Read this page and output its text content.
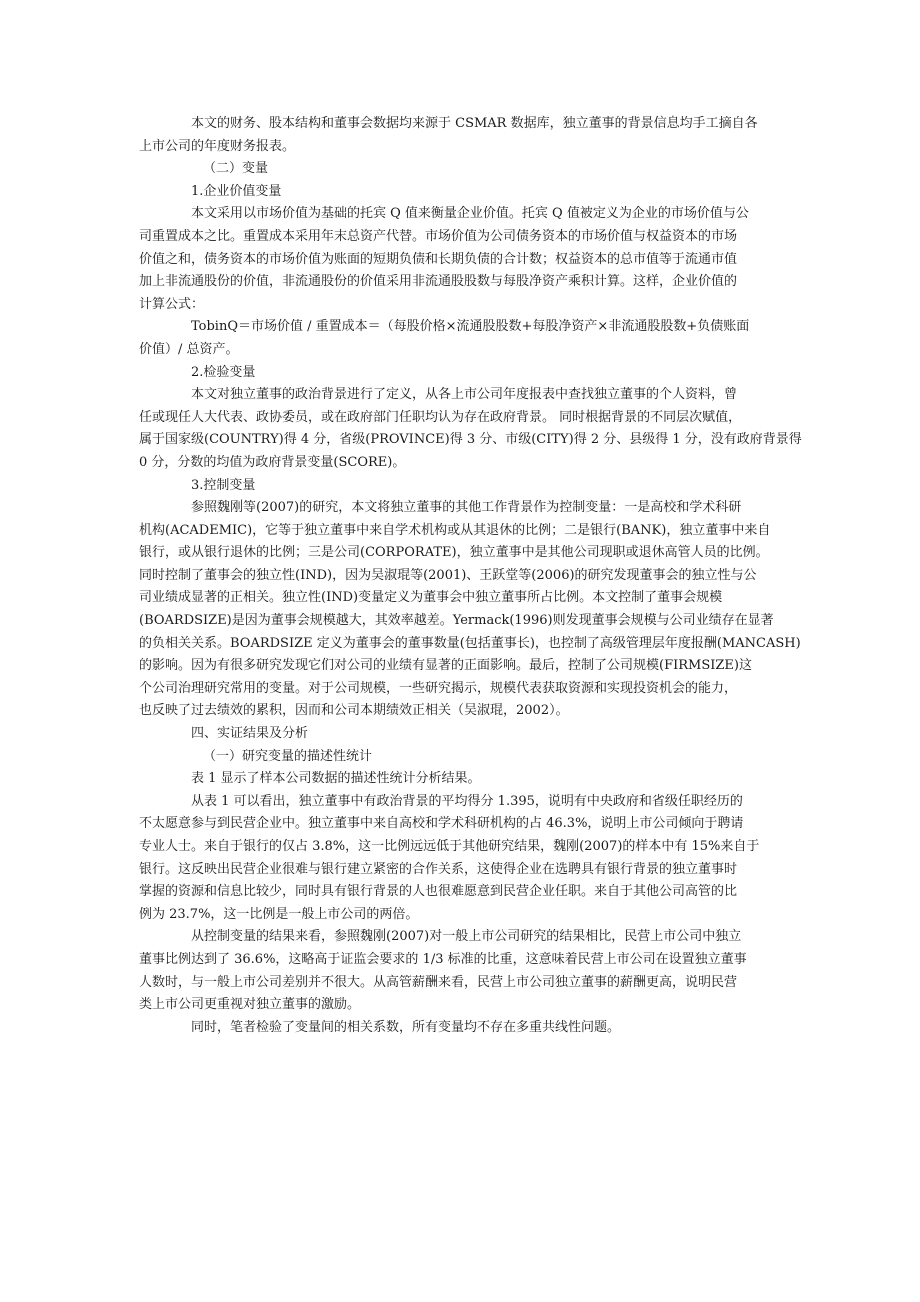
本文的财务、股本结构和董事会数据均来源于 CSMAR 数据库，独立董事的背景信息均手工摘自各
上市公司的年度财务报表。
（二）变量
1.企业价值变量
本文采用以市场价值为基础的托宾 Q 值来衡量企业价值。托宾 Q 值被定义为企业的市场价值与公
司重置成本之比。重置成本采用年末总资产代替。市场价值为公司债务资本的市场价值与权益资本的市场
价值之和，债务资本的市场价值为账面的短期负债和长期负债的合计数；权益资本的总市值等于流通市值
加上非流通股份的价值，非流通股份的价值采用非流通股股数与每股净资产乘积计算。这样，企业价值的
计算公式：
TobinQ＝市场价值 / 重置成本＝（每股价格×流通股股数+每股净资产×非流通股股数+负债账面
价值）/ 总资产。
2.检验变量
本文对独立董事的政治背景进行了定义，从各上市公司年度报表中查找独立董事的个人资料，曾
任或现任人大代表、政协委员，或在政府部门任职均认为存在政府背景。 同时根据背景的不同层次赋值，
属于国家级(COUNTRY)得 4 分，省级(PROVINCE)得 3 分、市级(CITY)得 2 分、县级得 1 分，没有政府背景得
0 分，分数的均值为政府背景变量(SCORE)。
3.控制变量
参照魏刚等(2007)的研究，本文将独立董事的其他工作背景作为控制变量：一是高校和学术科研
机构(ACADEMIC)，它等于独立董事中来自学术机构或从其退休的比例；二是银行(BANK)，独立董事中来自
银行，或从银行退休的比例；三是公司(CORPORATE)，独立董事中是其他公司现职或退休高管人员的比例。
同时控制了董事会的独立性(IND)，因为吴淑琨等(2001)、王跃堂等(2006)的研究发现董事会的独立性与公
司业绩成显著的正相关。独立性(IND)变量定义为董事会中独立董事所占比例。本文控制了董事会规模
(BOARDSIZE)是因为董事会规模越大，其效率越差。Yermack(1996)则发现董事会规模与公司业绩存在显著
的负相关关系。BOARDSIZE 定义为董事会的董事数量(包括董事长)，也控制了高级管理层年度报酬(MANCASH)
的影响。因为有很多研究发现它们对公司的业绩有显著的正面影响。最后，控制了公司规模(FIRMSIZE)这
个公司治理研究常用的变量。对于公司规模，一些研究揭示，规模代表获取资源和实现投资机会的能力，
也反映了过去绩效的累积，因而和公司本期绩效正相关（吴淑琨，2002）。
四、实证结果及分析
（一）研究变量的描述性统计
表 1 显示了样本公司数据的描述性统计分析结果。
从表 1 可以看出，独立董事中有政治背景的平均得分 1.395，说明有中央政府和省级任职经历的
不太愿意参与到民营企业中。独立董事中来自高校和学术科研机构的占 46.3%，说明上市公司倾向于聘请
专业人士。来自于银行的仅占 3.8%，这一比例远远低于其他研究结果，魏刚(2007)的样本中有 15%来自于
银行。这反映出民营企业很难与银行建立紧密的合作关系，这使得企业在选聘具有银行背景的独立董事时
掌握的资源和信息比较少，同时具有银行背景的人也很难愿意到民营企业任职。来自于其他公司高管的比
例为 23.7%，这一比例是一般上市公司的两倍。
从控制变量的结果来看，参照魏刚(2007)对一般上市公司研究的结果相比，民营上市公司中独立
董事比例达到了 36.6%，这略高于证监会要求的 1/3 标准的比重，这意味着民营上市公司在设置独立董事
人数时，与一般上市公司差别并不很大。从高管薪酬来看，民营上市公司独立董事的薪酬更高，说明民营
类上市公司更重视对独立董事的激励。
同时，笔者检验了变量间的相关系数，所有变量均不存在多重共线性问题。
